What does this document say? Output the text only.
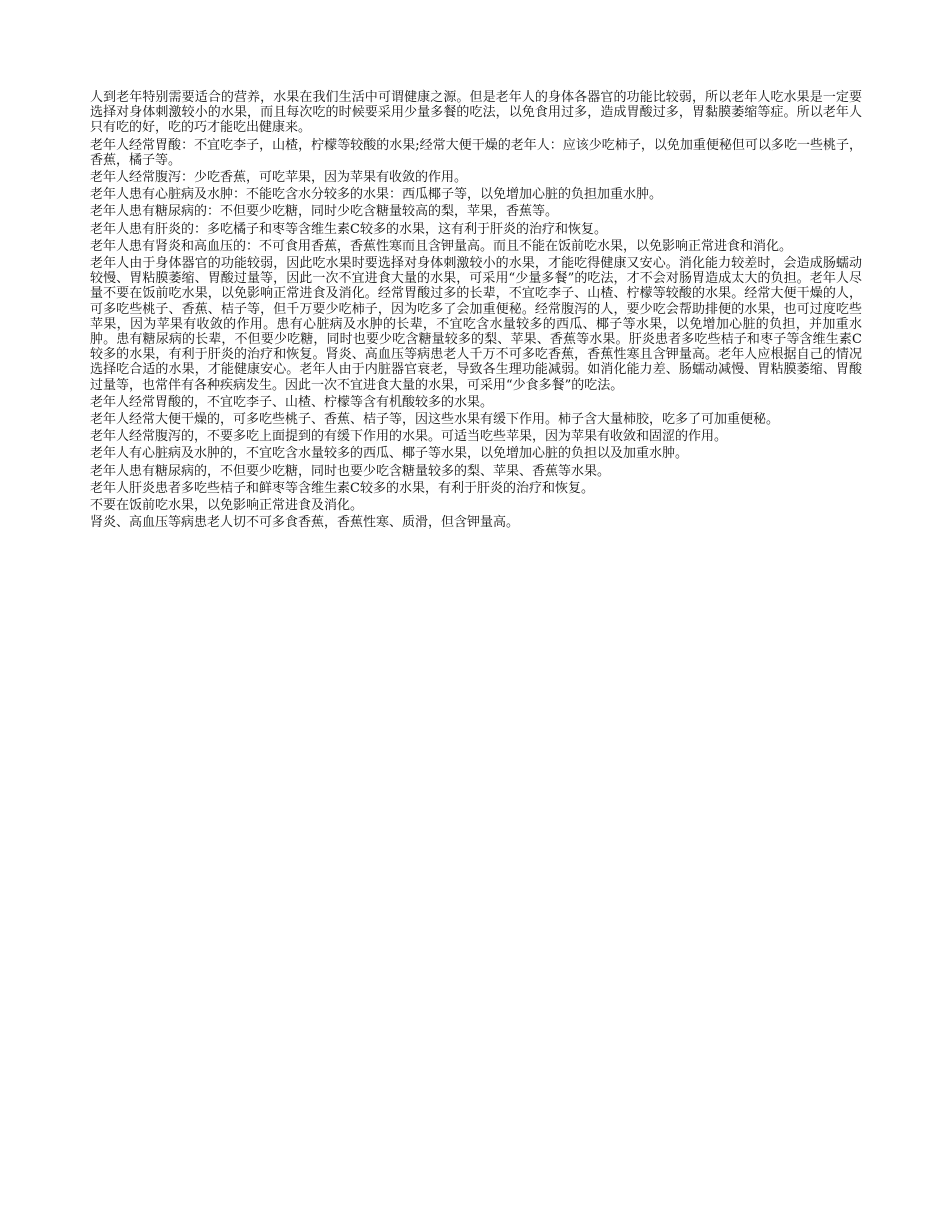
人到老年特别需要适合的营养，水果在我们生活中可谓健康之源。但是老年人的身体各器官的功能比较弱，所以老年人吃水果是一定要选择对身体刺激较小的水果，而且每次吃的时候要采用少量多餐的吃法，以免食用过多，造成胃酸过多，胃黏膜萎缩等症。所以老年人只有吃的好，吃的巧才能吃出健康来。

老年人经常胃酸：不宜吃李子，山楂，柠檬等较酸的水果;经常大便干燥的老年人：应该少吃柿子，以免加重便秘但可以多吃一些桃子，香蕉，橘子等。

老年人经常腹泻：少吃香蕉，可吃苹果，因为苹果有收敛的作用。

老年人患有心脏病及水肿：不能吃含水分较多的水果：西瓜椰子等，以免增加心脏的负担加重水肿。

老年人患有糖尿病的：不但要少吃糖，同时少吃含糖量较高的梨，苹果，香蕉等。

老年人患有肝炎的：多吃橘子和枣等含维生素C较多的水果，这有利于肝炎的治疗和恢复。

老年人患有肾炎和高血压的：不可食用香蕉，香蕉性寒而且含钾量高。而且不能在饭前吃水果，以免影响正常进食和消化。

老年人由于身体器官的功能较弱，因此吃水果时要选择对身体刺激较小的水果，才能吃得健康又安心。消化能力较差时，会造成肠蠕动较慢、胃粘膜萎缩、胃酸过量等，因此一次不宜进食大量的水果，可采用“少量多餐”的吃法，才不会对肠胃造成太大的负担。老年人尽量不要在饭前吃水果，以免影响正常进食及消化。经常胃酸过多的长辈，不宜吃李子、山楂、柠檬等较酸的水果。经常大便干燥的人，可多吃些桃子、香蕉、桔子等，但千万要少吃柿子，因为吃多了会加重便秘。经常腹泻的人，要少吃会帮助排便的水果，也可过度吃些苹果，因为苹果有收敛的作用。患有心脏病及水肿的长辈，不宜吃含水量较多的西瓜、椰子等水果，以免增加心脏的负担，并加重水肿。患有糖尿病的长辈，不但要少吃糖，同时也要少吃含糖量较多的梨、苹果、香蕉等水果。肝炎患者多吃些桔子和枣子等含维生素C较多的水果，有利于肝炎的治疗和恢复。肾炎、高血压等病患老人千万不可多吃香蕉，香蕉性寒且含钾量高。老年人应根据自己的情况选择吃合适的水果，才能健康安心。老年人由于内脏器官衰老，导致各生理功能减弱。如消化能力差、肠蠕动减慢、胃粘膜萎缩、胃酸过量等，也常伴有各种疾病发生。因此一次不宜进食大量的水果，可采用“少食多餐”的吃法。

老年人经常胃酸的，不宜吃李子、山楂、柠檬等含有机酸较多的水果。

老年人经常大便干燥的，可多吃些桃子、香蕉、桔子等，因这些水果有缓下作用。柿子含大量柿胶，吃多了可加重便秘。

老年人经常腹泻的，不要多吃上面提到的有缓下作用的水果。可适当吃些苹果，因为苹果有收敛和固涩的作用。

老年人有心脏病及水肿的，不宜吃含水量较多的西瓜、椰子等水果，以免增加心脏的负担以及加重水肿。

老年人患有糖尿病的，不但要少吃糖，同时也要少吃含糖量较多的梨、苹果、香蕉等水果。

老年人肝炎患者多吃些桔子和鲜枣等含维生素C较多的水果，有利于肝炎的治疗和恢复。

不要在饭前吃水果，以免影响正常进食及消化。

肾炎、高血压等病患老人切不可多食香蕉，香蕉性寒、质滑，但含钾量高。
